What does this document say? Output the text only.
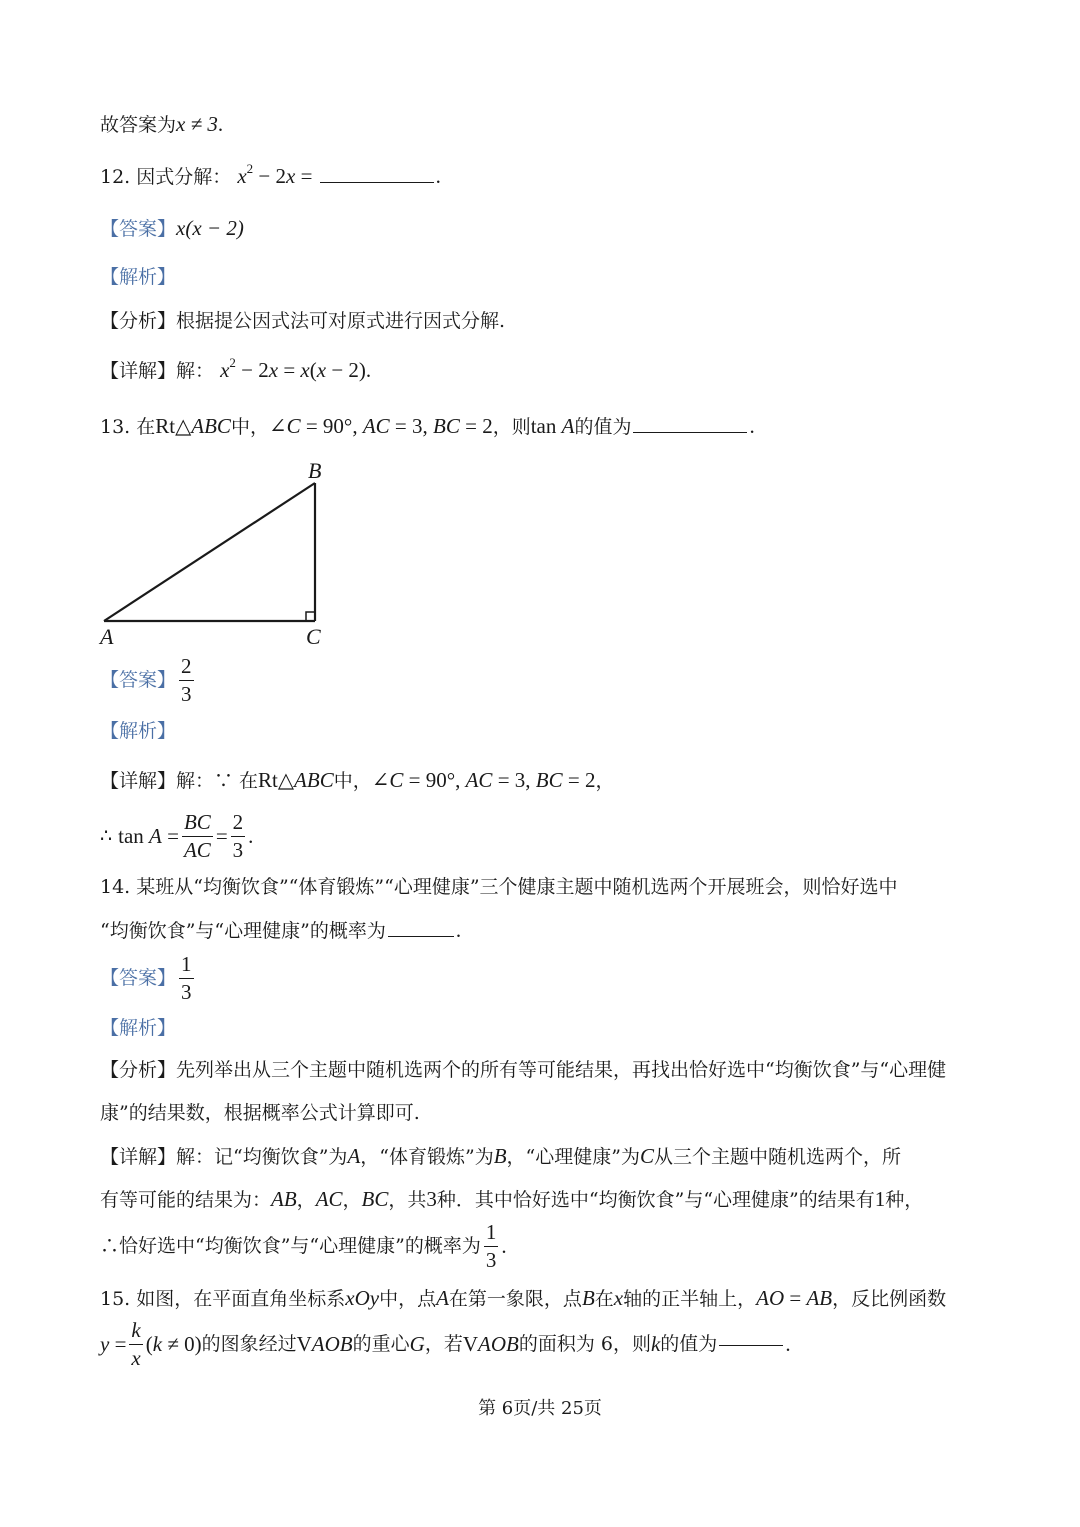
故答案为x ≠ 3.
12. 因式分解： $x^2 - 2x$ =	.
【答案】x(x − 2)
【解析】
【分析】根据提公因式法可对原式进行因式分解.
【详解】解： $x^2 - 2x = x(x - 2)$.
13. 在Rt△ABC中，∠C = 90°, AC = 3, BC = 2，则tan A的值为	.
A	C
B
【答案】 $\frac{2}{3}$
【解析】
【详解】解：∵ 在Rt△ABC中，∠C = 90°, AC = 3, BC = 2，
∴ $\tan A = \frac{BC}{AC} = \frac{2}{3}$ .
14. 某班从“均衡饮食”“体育锻炼”“心理健康”三个健康主题中随机选两个开展班会，则恰好选中
“均衡饮食”与“心理健康”的概率为	.
【答案】 $\frac{1}{3}$
【解析】
【分析】先列举出从三个主题中随机选两个的所有等可能结果，再找出恰好选中“均衡饮食”与“心理健
康”的结果数，根据概率公式计算即可.
【详解】解：记“均衡饮食”为A，“体育锻炼”为B，“心理健康”为C从三个主题中随机选两个，所
有等可能的结果为：AB，AC，BC，共3种．其中恰好选中“均衡饮食”与“心理健康”的结果有1种，
∴恰好选中“均衡饮食”与“心理健康”的概率为 $\frac{1}{3}$ .
15. 如图，在平面直角坐标系xOy中，点A在第一象限，点B在x轴的正半轴上，AO = AB，反比例函数
$y = \frac{k}{x} (k \ne 0)$的图象经过VAOB的重心G，若VAOB的面积为 6，则k的值为	.
第 6页/共 25页
